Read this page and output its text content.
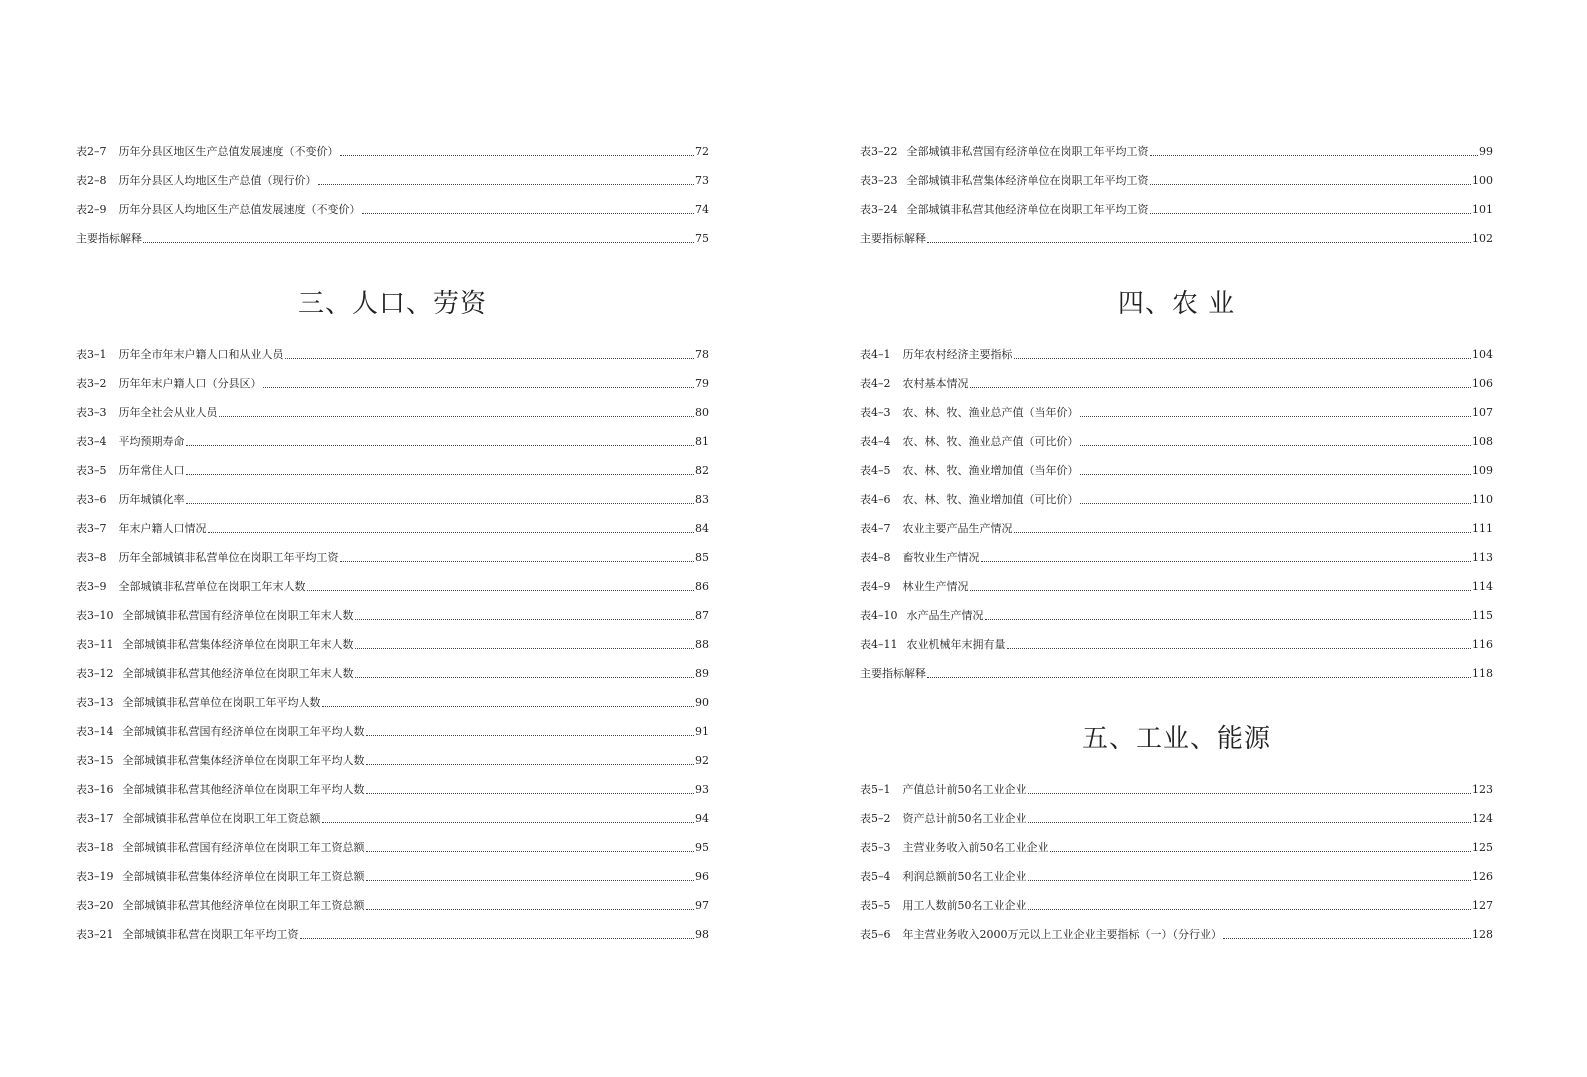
表2–7 历年分县区地区生产总值发展速度（不变价）	72
表2–8 历年分县区人均地区生产总值（现行价）	73
表2–9 历年分县区人均地区生产总值发展速度（不变价）	74
主要指标解释	75
三、人口、劳资
表3–1 历年全市年末户籍人口和从业人员	78
表3–2 历年年末户籍人口（分县区）	79
表3–3 历年全社会从业人员	80
表3–4 平均预期寿命	81
表3–5 历年常住人口	82
表3–6 历年城镇化率	83
表3–7 年末户籍人口情况	84
表3–8 历年全部城镇非私营单位在岗职工年平均工资	85
表3–9 全部城镇非私营单位在岗职工年末人数	86
表3–10 全部城镇非私营国有经济单位在岗职工年末人数	87
表3–11 全部城镇非私营集体经济单位在岗职工年末人数	88
表3–12 全部城镇非私营其他经济单位在岗职工年末人数	89
表3–13 全部城镇非私营单位在岗职工年平均人数	90
表3–14 全部城镇非私营国有经济单位在岗职工年平均人数	91
表3–15 全部城镇非私营集体经济单位在岗职工年平均人数	92
表3–16 全部城镇非私营其他经济单位在岗职工年平均人数	93
表3–17 全部城镇非私营单位在岗职工年工资总额	94
表3–18 全部城镇非私营国有经济单位在岗职工年工资总额	95
表3–19 全部城镇非私营集体经济单位在岗职工年工资总额	96
表3–20 全部城镇非私营其他经济单位在岗职工年工资总额	97
表3–21 全部城镇非私营在岗职工年平均工资	98
表3–22 全部城镇非私营国有经济单位在岗职工年平均工资	99
表3–23 全部城镇非私营集体经济单位在岗职工年平均工资	100
表3–24 全部城镇非私营其他经济单位在岗职工年平均工资	101
主要指标解释	102
四、农 业
表4–1 历年农村经济主要指标	104
表4–2 农村基本情况	106
表4–3 农、林、牧、渔业总产值（当年价）	107
表4–4 农、林、牧、渔业总产值（可比价）	108
表4–5 农、林、牧、渔业增加值（当年价）	109
表4–6 农、林、牧、渔业增加值（可比价）	110
表4–7 农业主要产品生产情况	111
表4–8 畜牧业生产情况	113
表4–9 林业生产情况	114
表4–10 水产品生产情况	115
表4–11 农业机械年末拥有量	116
主要指标解释	118
五、工业、能源
表5–1 产值总计前50名工业企业	123
表5–2 资产总计前50名工业企业	124
表5–3 主营业务收入前50名工业企业	125
表5–4 利润总额前50名工业企业	126
表5–5 用工人数前50名工业企业	127
表5–6 年主营业务收入2000万元以上工业企业主要指标（一）（分行业）	128
